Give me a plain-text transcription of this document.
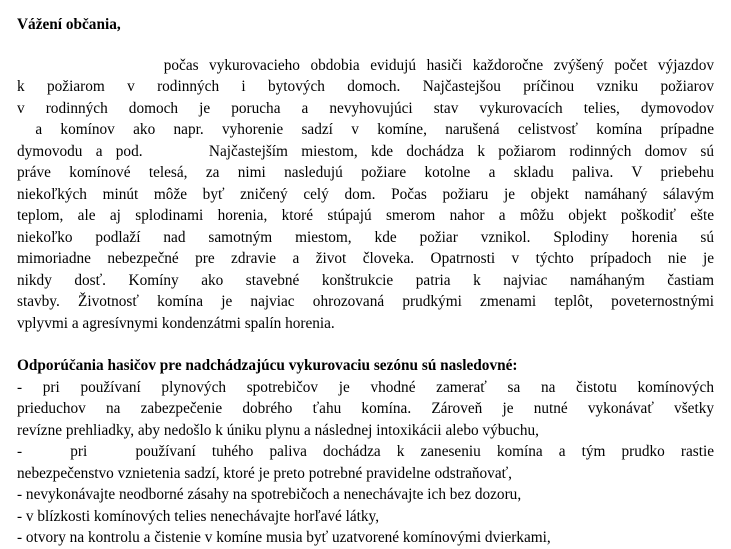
Vážení občania,

počas vykurovacieho obdobia evidujú hasiči každoročne zvýšený počet výjazdov
k požiarom v rodinných i bytových domoch. Najčastejšou príčinou vzniku požiarov
v rodinných domoch je porucha a nevyhovujúci stav vykurovacích telies, dymovodov
a komínov ako napr. vyhorenie sadzí v komíne, narušená celistvosť komína prípadne
dymovodu a pod.     Najčastejším miestom, kde dochádza k požiarom rodinných domov sú
práve komínové telesá, za nimi nasledujú požiare kotolne a skladu paliva. V priebehu
niekoľkých minút môže byť zničený celý dom. Počas požiaru je objekt namáhaný sálavým
teplom, ale aj splodinami horenia, ktoré stúpajú smerom nahor a môžu objekt poškodiť ešte
niekoľko podlaží nad samotným miestom, kde požiar vznikol. Splodiny horenia sú
mimoriadne nebezpečné pre zdravie a život človeka. Opatrnosti v týchto prípadoch nie je
nikdy dosť. Komíny ako stavebné konštrukcie patria k najviac namáhaným častiam
stavby. Životnosť komína je najviac ohrozovaná prudkými zmenami teplôt, poveternostnými
vplyvmi a agresívnymi kondenzátmi spalín horenia.

Odporúčania hasičov pre nadchádzajúcu vykurovaciu sezónu sú nasledovné:

- pri používaní plynových spotrebičov je vhodné zamerať sa na čistotu komínových
prieduchov na zabezpečenie dobrého ťahu komína. Zároveň je nutné vykonávať všetky
revízne prehliadky, aby nedošlo k úniku plynu a následnej intoxikácii alebo výbuchu,
-   pri   používaní tuhého paliva dochádza k zaneseniu komína a tým prudko rastie
nebezpečenstvo vznietenia sadzí, ktoré je preto potrebné pravidelne odstraňovať,
- nevykonávajte neodborné zásahy na spotrebičoch a nenechávajte ich bez dozoru,
- v blízkosti komínových telies nenechávajte horľavé látky,
- otvory na kontrolu a čistenie v komíne musia byť uzatvorené komínovými dvierkami,
